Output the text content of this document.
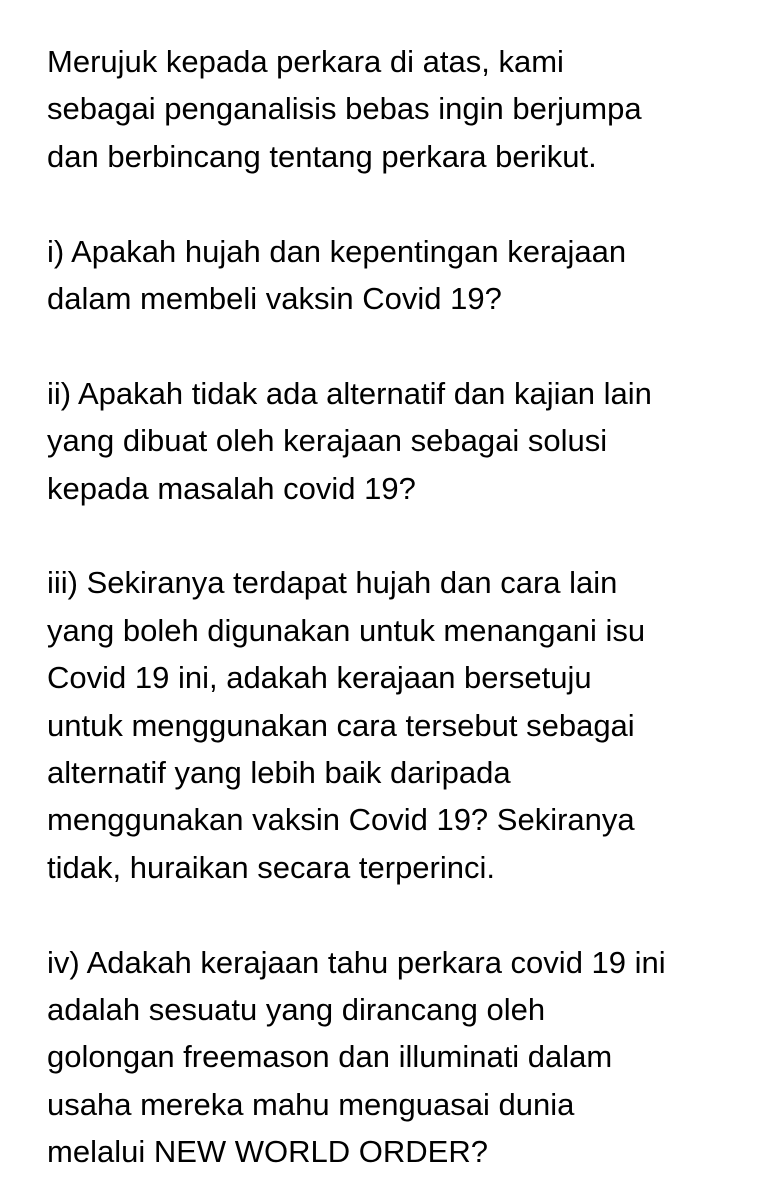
Merujuk kepada perkara di atas, kami
sebagai penganalisis bebas ingin berjumpa
dan berbincang tentang perkara berikut.

i) Apakah hujah dan kepentingan kerajaan
dalam membeli vaksin Covid 19?

ii) Apakah tidak ada alternatif dan kajian lain
yang dibuat oleh kerajaan sebagai solusi
kepada masalah covid 19?

iii) Sekiranya terdapat hujah dan cara lain
yang boleh digunakan untuk menangani isu
Covid 19 ini, adakah kerajaan bersetuju
untuk menggunakan cara tersebut sebagai
alternatif yang lebih baik daripada
menggunakan vaksin Covid 19? Sekiranya
tidak, huraikan secara terperinci.

iv) Adakah kerajaan tahu perkara covid 19 ini
adalah sesuatu yang dirancang oleh
golongan freemason dan illuminati dalam
usaha mereka mahu menguasai dunia
melalui NEW WORLD ORDER?
